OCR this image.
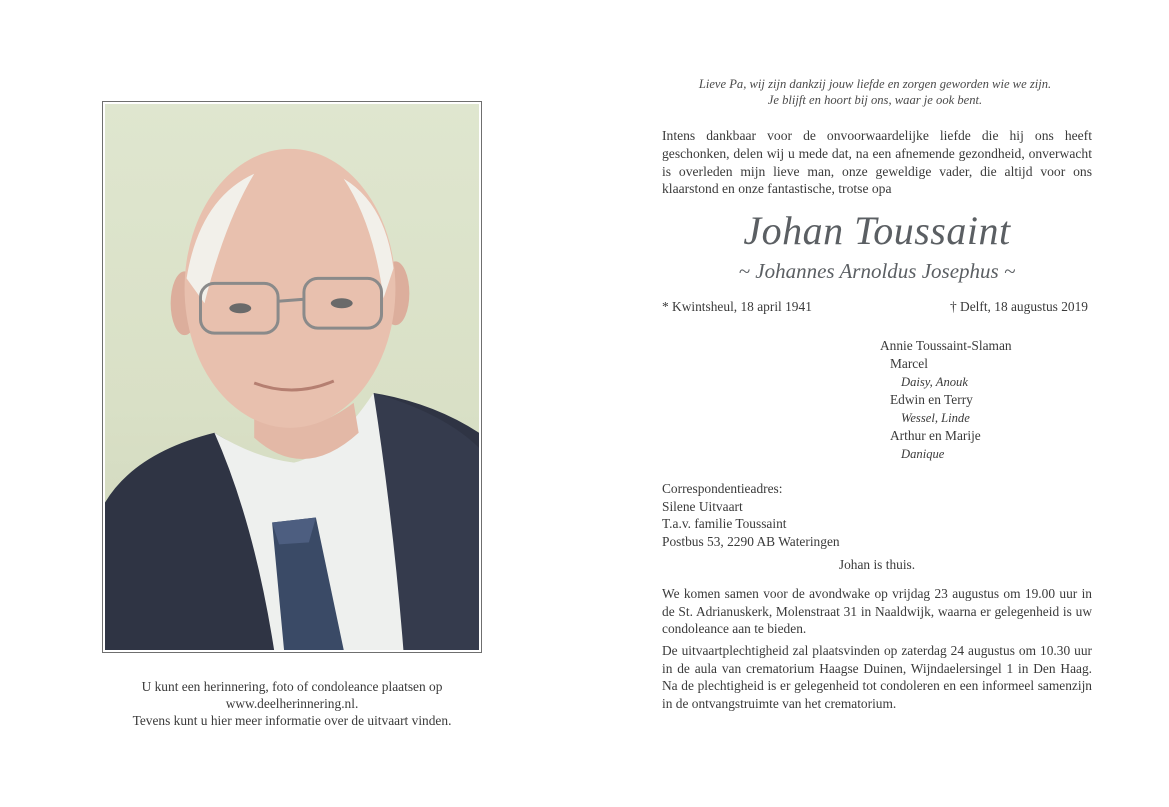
U kunt een herinnering, foto of condoleance plaatsen op
www.deelherinnering.nl.
Tevens kunt u hier meer informatie over de uitvaart vinden.
Lieve Pa, wij zijn dankzij jouw liefde en zorgen geworden wie we zijn.
Je blijft en hoort bij ons, waar je ook bent.
Intens dankbaar voor de onvoorwaardelijke liefde die hij ons heeft geschonken, delen wij u mede dat, na een afnemende gezondheid, onverwacht is overleden mijn lieve man, onze geweldige vader, die altijd voor ons klaarstond en onze fantastische, trotse opa
Johan Toussaint
~ Johannes Arnoldus Josephus ~
* Kwintsheul, 18 april 1941	† Delft, 18 augustus 2019
Annie Toussaint-Slaman
Marcel
Daisy, Anouk
Edwin en Terry
Wessel, Linde
Arthur en Marije
Danique
Correspondentieadres:
Silene Uitvaart
T.a.v. familie Toussaint
Postbus 53, 2290 AB Wateringen
Johan is thuis.
We komen samen voor de avondwake op vrijdag 23 augustus om 19.00 uur in de St. Adrianuskerk, Molenstraat 31 in Naaldwijk, waarna er gelegenheid is uw condoleance aan te bieden.
De uitvaartplechtigheid zal plaatsvinden op zaterdag 24 augustus om 10.30 uur in de aula van crematorium Haagse Duinen, Wijndaelersingel 1 in Den Haag. Na de plechtigheid is er gelegenheid tot condoleren en een informeel samenzijn in de ontvangstruimte van het crematorium.
